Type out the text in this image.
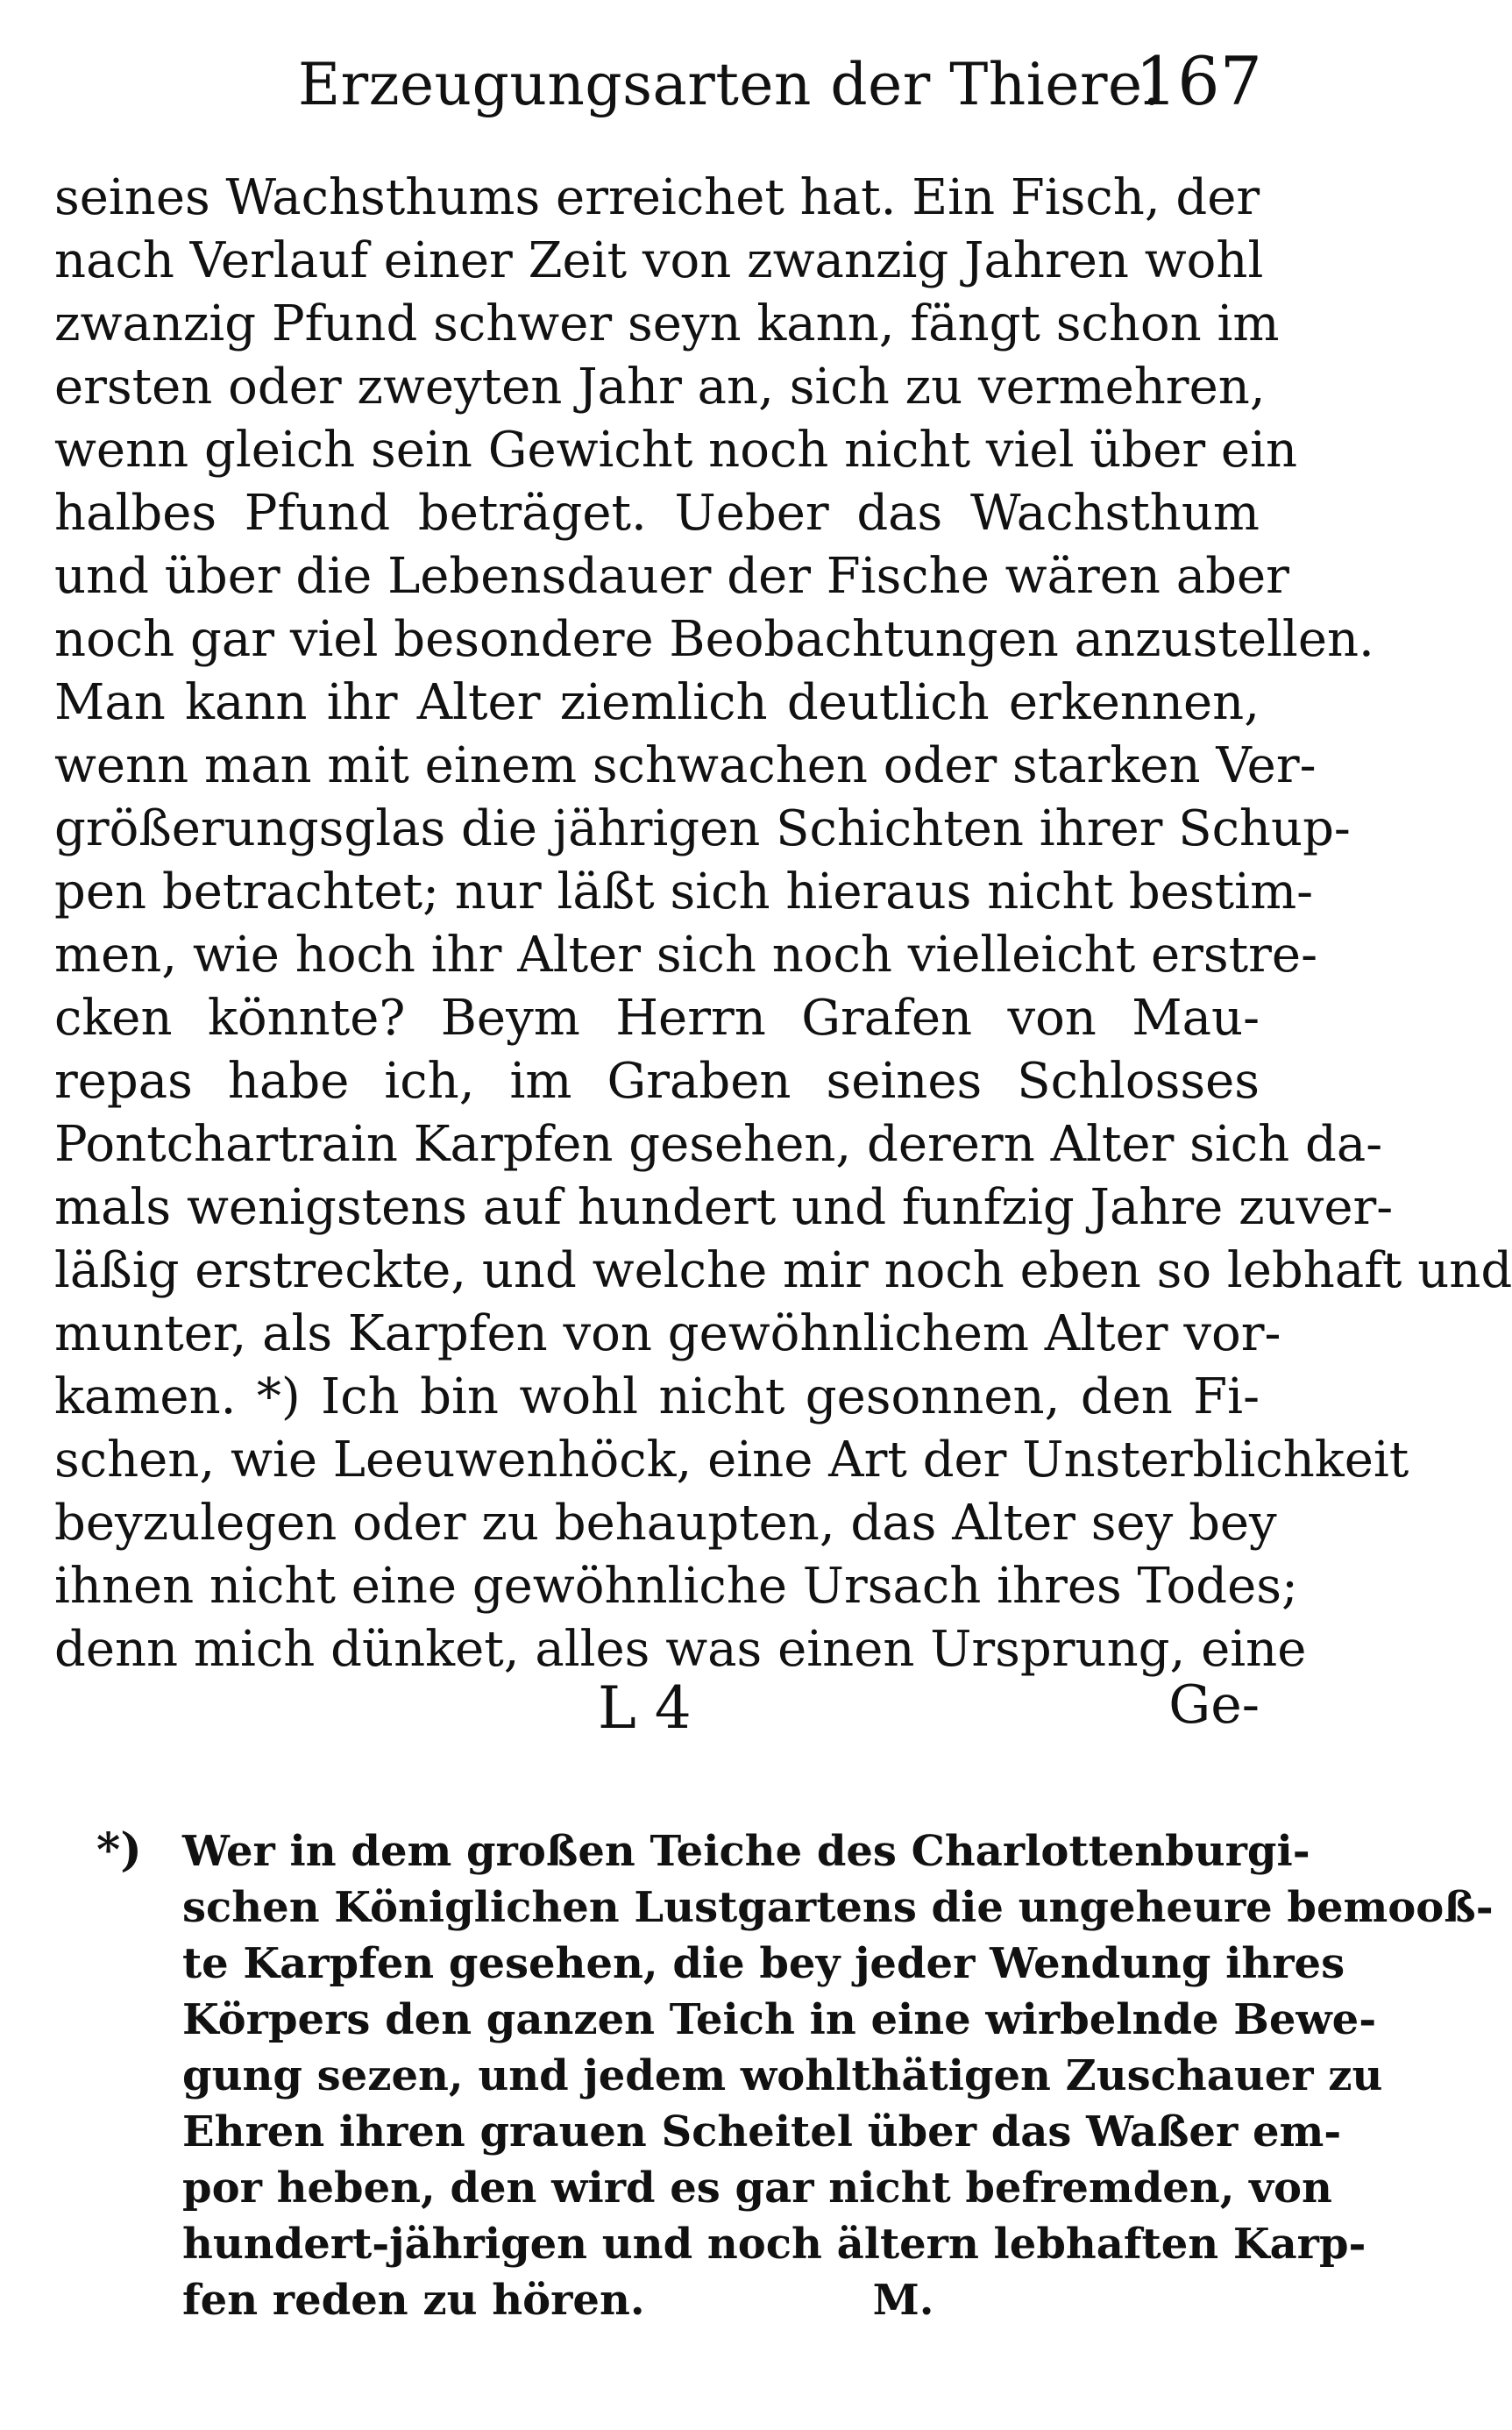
Erzeugungsarten der Thiere.
167
seines Wachsthums erreichet hat. Ein Fisch, der
nach Verlauf einer Zeit von zwanzig Jahren wohl
zwanzig Pfund schwer seyn kann, fängt schon im
ersten oder zweyten Jahr an, sich zu vermehren,
wenn gleich sein Gewicht noch nicht viel über ein
halbes Pfund beträget. Ueber das Wachsthum
und über die Lebensdauer der Fische wären aber
noch gar viel besondere Beobachtungen anzustellen.
Man kann ihr Alter ziemlich deutlich erkennen,
wenn man mit einem schwachen oder starken Ver-
größerungsglas die jährigen Schichten ihrer Schup-
pen betrachtet; nur läßt sich hieraus nicht bestim-
men, wie hoch ihr Alter sich noch vielleicht erstre-
cken könnte? Beym Herrn Grafen von Mau-
repas habe ich, im Graben seines Schlosses
Pontchartrain Karpfen gesehen, derern Alter sich da-
mals wenigstens auf hundert und funfzig Jahre zuver-
läßig erstreckte, und welche mir noch eben so lebhaft und
munter, als Karpfen von gewöhnlichem Alter vor-
kamen. *) Ich bin wohl nicht gesonnen, den Fi-
schen, wie Leeuwenhöck, eine Art der Unsterblichkeit
beyzulegen oder zu behaupten, das Alter sey bey
ihnen nicht eine gewöhnliche Ursach ihres Todes;
denn mich dünket, alles was einen Ursprung, eine
L 4	Ge-
*) Wer in dem großen Teiche des Charlottenburgi-
schen Königlichen Lustgartens die ungeheure bemooß-
te Karpfen gesehen, die bey jeder Wendung ihres
Körpers den ganzen Teich in eine wirbelnde Bewe-
gung sezen, und jedem wohlthätigen Zuschauer zu
Ehren ihren grauen Scheitel über das Waßer em-
por heben, den wird es gar nicht befremden, von
hundert-jährigen und noch ältern lebhaften Karp-
fen reden zu hören.	M.
